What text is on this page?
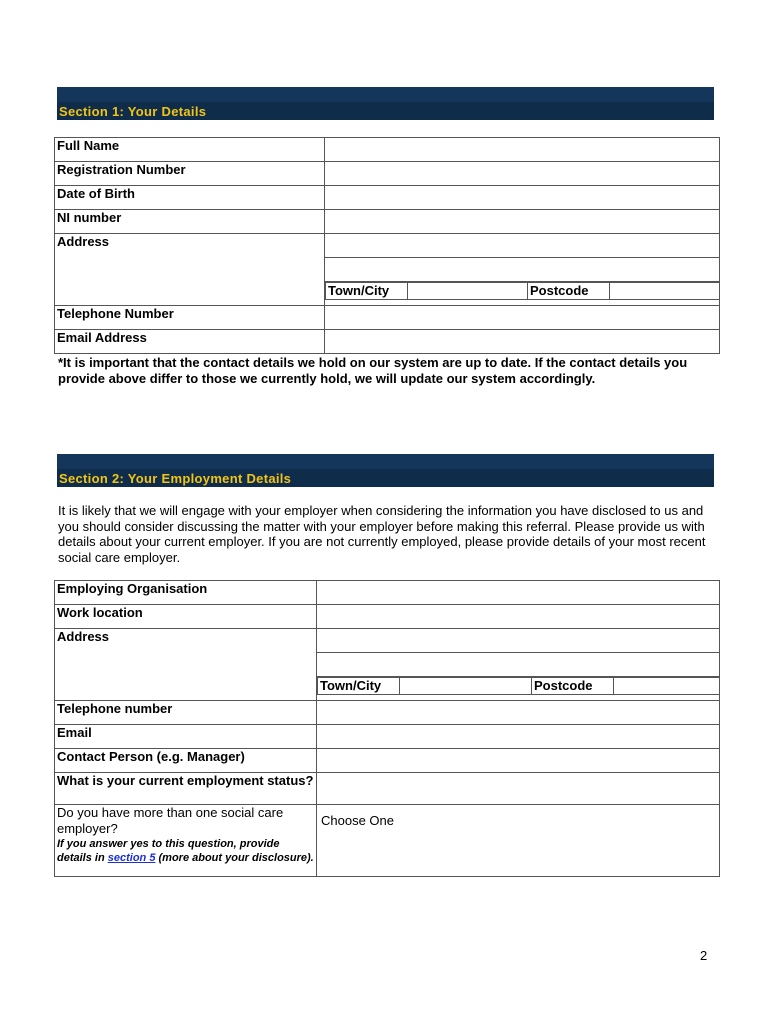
Section 1: Your Details
Full Name	
Registration Number	
Date of Birth	
NI number	
Address	

Town/City		Postcode	

Telephone Number	
Email Address	
*It is important that the contact details we hold on our system are up to date. If the contact details you provide above differ to those we currently hold, we will update our system accordingly.
Section 2: Your Employment Details
It is likely that we will engage with your employer when considering the information you have disclosed to us and you should consider discussing the matter with your employer before making this referral. Please provide us with details about your current employer. If you are not currently employed, please provide details of your most recent social care employer.
Employing Organisation	
Work location	
Address	

Town/City		Postcode	

Telephone number	
Email	
Contact Person (e.g. Manager)	
What is your current employment status?	

Do you have more than one social care employer?
If you answer yes to this question, provide details in section 5 (more about your disclosure).
	Choose One
2
